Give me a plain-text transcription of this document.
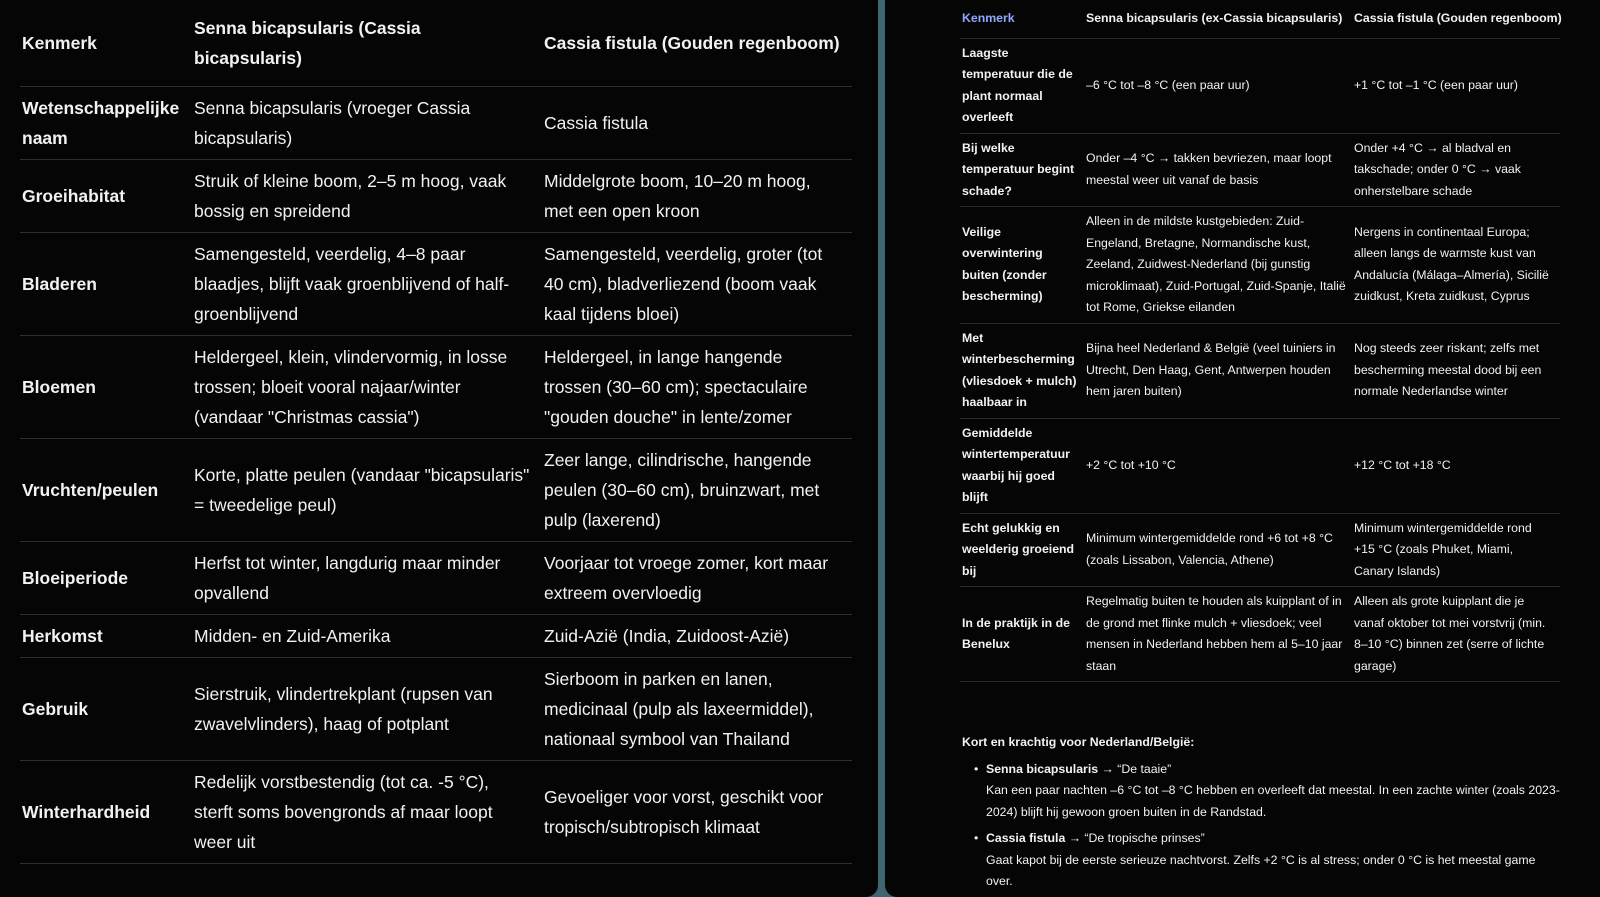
Kenmerk	Senna bicapsularis (Cassia bicapsularis)	Cassia fistula (Gouden regenboom)
Wetenschappelijke naam	Senna bicapsularis (vroeger Cassia bicapsularis)	Cassia fistula
Groeihabitat	Struik of kleine boom, 2–5 m hoog, vaak bossig en spreidend	Middelgrote boom, 10–20 m hoog, met een open kroon
Bladeren	Samengesteld, veerdelig, 4–8 paar blaadjes, blijft vaak groenblijvend of half-groenblijvend	Samengesteld, veerdelig, groter (tot 40 cm), bladverliezend (boom vaak kaal tijdens bloei)
Bloemen	Heldergeel, klein, vlindervormig, in losse trossen; bloeit vooral najaar/winter (vandaar "Christmas cassia")	Heldergeel, in lange hangende trossen (30–60 cm); spectaculaire "gouden douche" in lente/zomer
Vruchten/peulen	Korte, platte peulen (vandaar "bicapsularis" = tweedelige peul)	Zeer lange, cilindrische, hangende peulen (30–60 cm), bruinzwart, met pulp (laxerend)
Bloeiperiode	Herfst tot winter, langdurig maar minder opvallend	Voorjaar tot vroege zomer, kort maar extreem overvloedig
Herkomst	Midden- en Zuid-Amerika	Zuid-Azië (India, Zuidoost-Azië)
Gebruik	Sierstruik, vlindertrekplant (rupsen van zwavelvlinders), haag of potplant	Sierboom in parken en lanen, medicinaal (pulp als laxeermiddel), nationaal symbool van Thailand
Winterhardheid	Redelijk vorstbestendig (tot ca. -5 °C), sterft soms bovengronds af maar loopt weer uit	Gevoeliger voor vorst, geschikt voor tropisch/subtropisch klimaat
Kenmerk	Senna bicapsularis (ex-Cassia bicapsularis)	Cassia fistula (Gouden regenboom)
Laagste temperatuur die de plant normaal overleeft	–6 °C tot –8 °C (een paar uur)	+1 °C tot –1 °C (een paar uur)
Bij welke temperatuur begint schade?	Onder –4 °C → takken bevriezen, maar loopt meestal weer uit vanaf de basis	Onder +4 °C → al bladval en takschade; onder 0 °C → vaak onherstelbare schade
Veilige overwintering buiten (zonder bescherming)	Alleen in de mildste kustgebieden: Zuid-Engeland, Bretagne, Normandische kust, Zeeland, Zuidwest-Nederland (bij gunstig microklimaat), Zuid-Portugal, Zuid-Spanje, Italië tot Rome, Griekse eilanden	Nergens in continentaal Europa; alleen langs de warmste kust van Andalucía (Málaga–Almería), Sicilië zuidkust, Kreta zuidkust, Cyprus
Met winterbescherming (vliesdoek + mulch) haalbaar in	Bijna heel Nederland & België (veel tuiniers in Utrecht, Den Haag, Gent, Antwerpen houden hem jaren buiten)	Nog steeds zeer riskant; zelfs met bescherming meestal dood bij een normale Nederlandse winter
Gemiddelde wintertemperatuur waarbij hij goed blijft	+2 °C tot +10 °C	+12 °C tot +18 °C
Echt gelukkig en weelderig groeiend bij	Minimum wintergemiddelde rond +6 tot +8 °C (zoals Lissabon, Valencia, Athene)	Minimum wintergemiddelde rond +15 °C (zoals Phuket, Miami, Canary Islands)
In de praktijk in de Benelux	Regelmatig buiten te houden als kuipplant of in de grond met flinke mulch + vliesdoek; veel mensen in Nederland hebben hem al 5–10 jaar staan	Alleen als grote kuipplant die je vanaf oktober tot mei vorstvrij (min. 8–10 °C) binnen zet (serre of lichte garage)
Kort en krachtig voor Nederland/België:
• Senna bicapsularis → “De taaie”
Kan een paar nachten –6 °C tot –8 °C hebben en overleeft dat meestal. In een zachte winter (zoals 2023-2024) blijft hij gewoon groen buiten in de Randstad.
• Cassia fistula → “De tropische prinses”
Gaat kapot bij de eerste serieuze nachtvorst. Zelfs +2 °C is al stress; onder 0 °C is het meestal game over.
